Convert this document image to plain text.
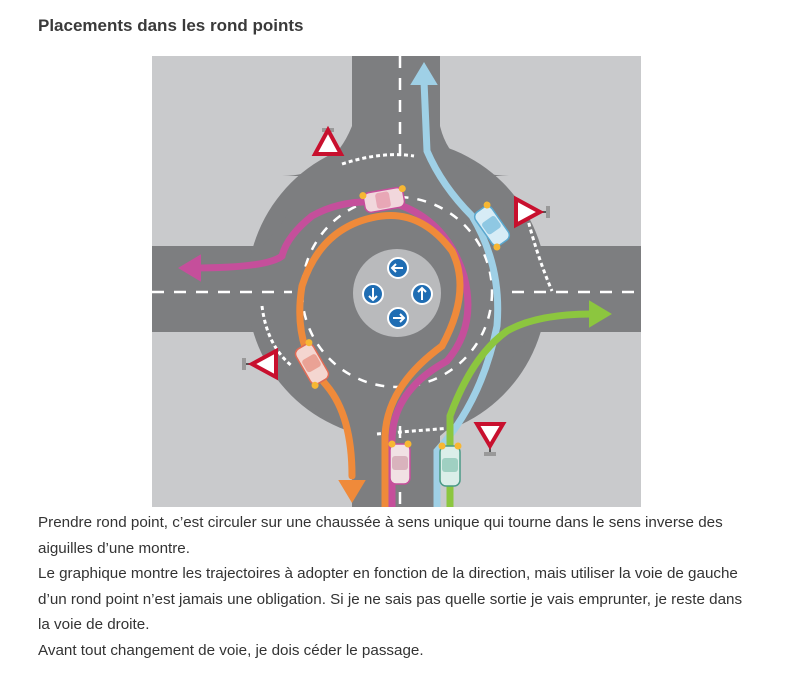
Placements dans les rond points

Prendre rond point, c’est circuler sur une chaussée à sens unique qui tourne dans le sens inverse des aiguilles d’une montre.

Le graphique montre les trajectoires à adopter en fonction de la direction, mais utiliser la voie de gauche d’un rond point n’est jamais une obligation. Si je ne sais pas quelle sortie je vais emprunter, je reste dans la voie de droite.

Avant tout changement de voie, je dois céder le passage.
